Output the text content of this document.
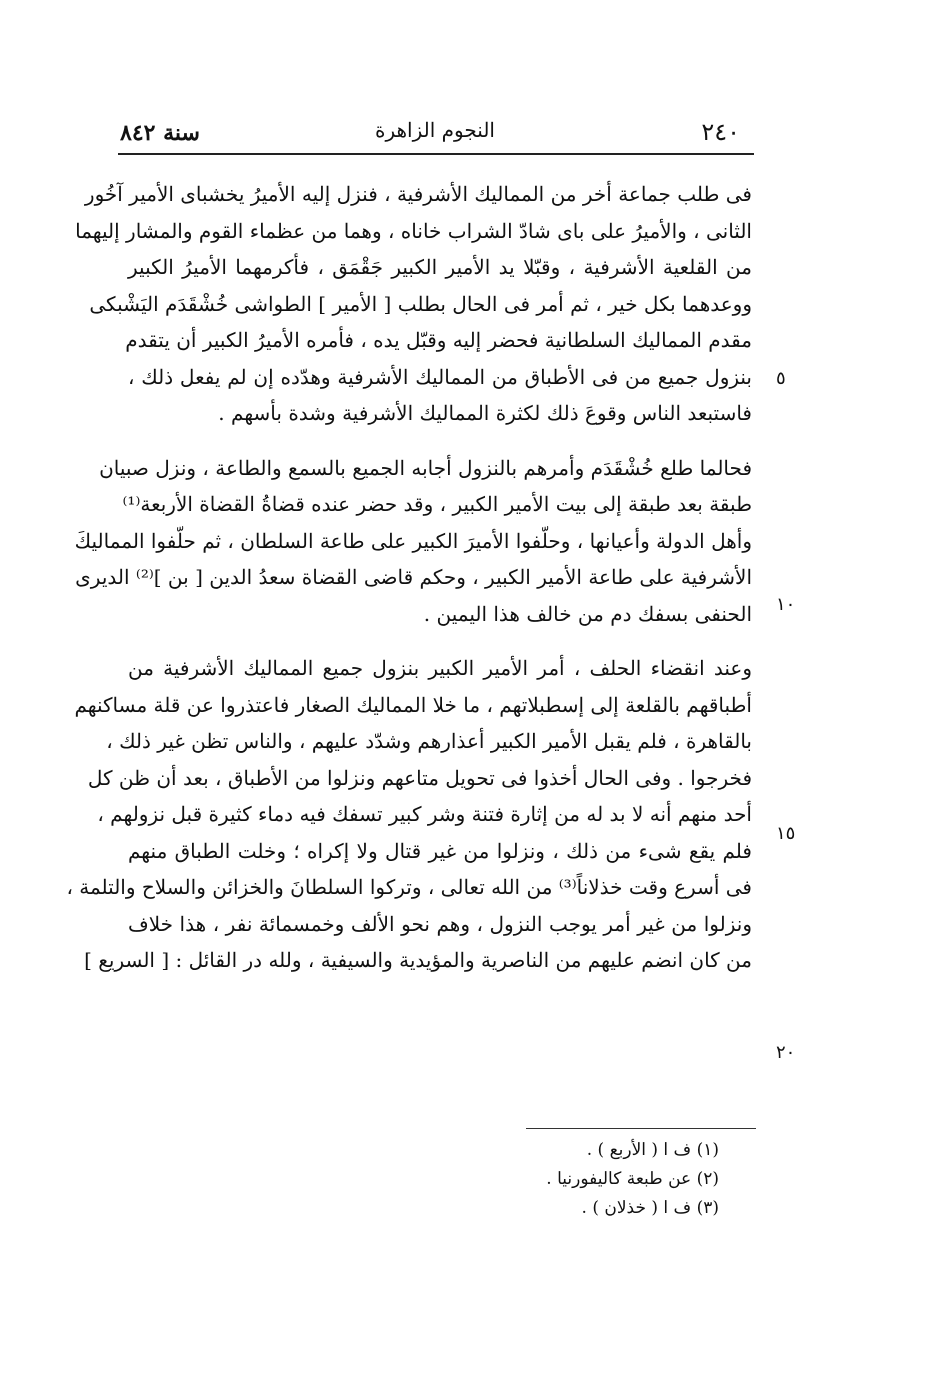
٢٤٠
النجوم الزاهرة
سنة ٨٤٢
٥
١٠
١٥
٢٠
فى طلب جماعة أخر من المماليك الأشرفية ، فنزل إليه الأميرُ يخشباى الأمير آخُور
الثانى ، والأميرُ على باى شادّ الشراب خاناه ، وهما من عظماء القوم والمشار إليهما
من القلعية الأشرفية ، وقبّلا يد الأمير الكبير جَقْمَق ، فأكرمهما الأميرُ الكبير
ووعدهما بكل خير ، ثم أمر فى الحال بطلب [ الأمير ] الطواشى خُشْقَدَم اليَشْبكى
مقدم المماليك السلطانية فحضر إليه وقبّل يده ، فأمره الأميرُ الكبير أن يتقدم
بنزول جميع من فى الأطباق من المماليك الأشرفية وهدّده إن لم يفعل ذلك ،
فاستبعد الناس وقوعَ ذلك لكثرة المماليك الأشرفية وشدة بأسهم .
فحالما طلع خُشْقَدَم وأمرهم بالنزول أجابه الجميع بالسمع والطاعة ، ونزل صبيان
طبقة بعد طبقة إلى بيت الأمير الكبير ، وقد حضر عنده قضاةُ القضاة الأربعة⁽¹⁾
وأهل الدولة وأعيانها ، وحلّفوا الأميرَ الكبير على طاعة السلطان ، ثم حلّفوا المماليكَ
الأشرفية على طاعة الأمير الكبير ، وحكم قاضى القضاة سعدُ الدين [ بن ]⁽²⁾ الديرى
الحنفى بسفك دم من خالف هذا اليمين .
وعند انقضاء الحلف ، أمر الأمير الكبير بنزول جميع المماليك الأشرفية من
أطباقهم بالقلعة إلى إسطبلاتهم ، ما خلا المماليك الصغار فاعتذروا عن قلة مساكنهم
بالقاهرة ، فلم يقبل الأمير الكبير أعذارهم وشدّد عليهم ، والناس تظن غير ذلك ،
فخرجوا . وفى الحال أخذوا فى تحويل متاعهم ونزلوا من الأطباق ، بعد أن ظن كل
أحد منهم أنه لا بد له من إثارة فتنة وشر كبير تسفك فيه دماء كثيرة قبل نزولهم ،
فلم يقع شىء من ذلك ، ونزلوا من غير قتال ولا إكراه ؛ وخلت الطباق منهم
فى أسرع وقت خذلاناً⁽³⁾ من الله تعالى ، وتركوا السلطانَ والخزائن والسلاح والتلمة ،
ونزلوا من غير أمر يوجب النزول ، وهم نحو الألف وخمسمائة نفر ، هذا خلاف
من كان انضم عليهم من الناصرية والمؤيدية والسيفية ، ولله در القائل : [ السريع ]
(١) ف ا ( الأربع ) .
(٢) عن طبعة كاليفورنيا .
(٣) ف ا ( خذلان ) .
